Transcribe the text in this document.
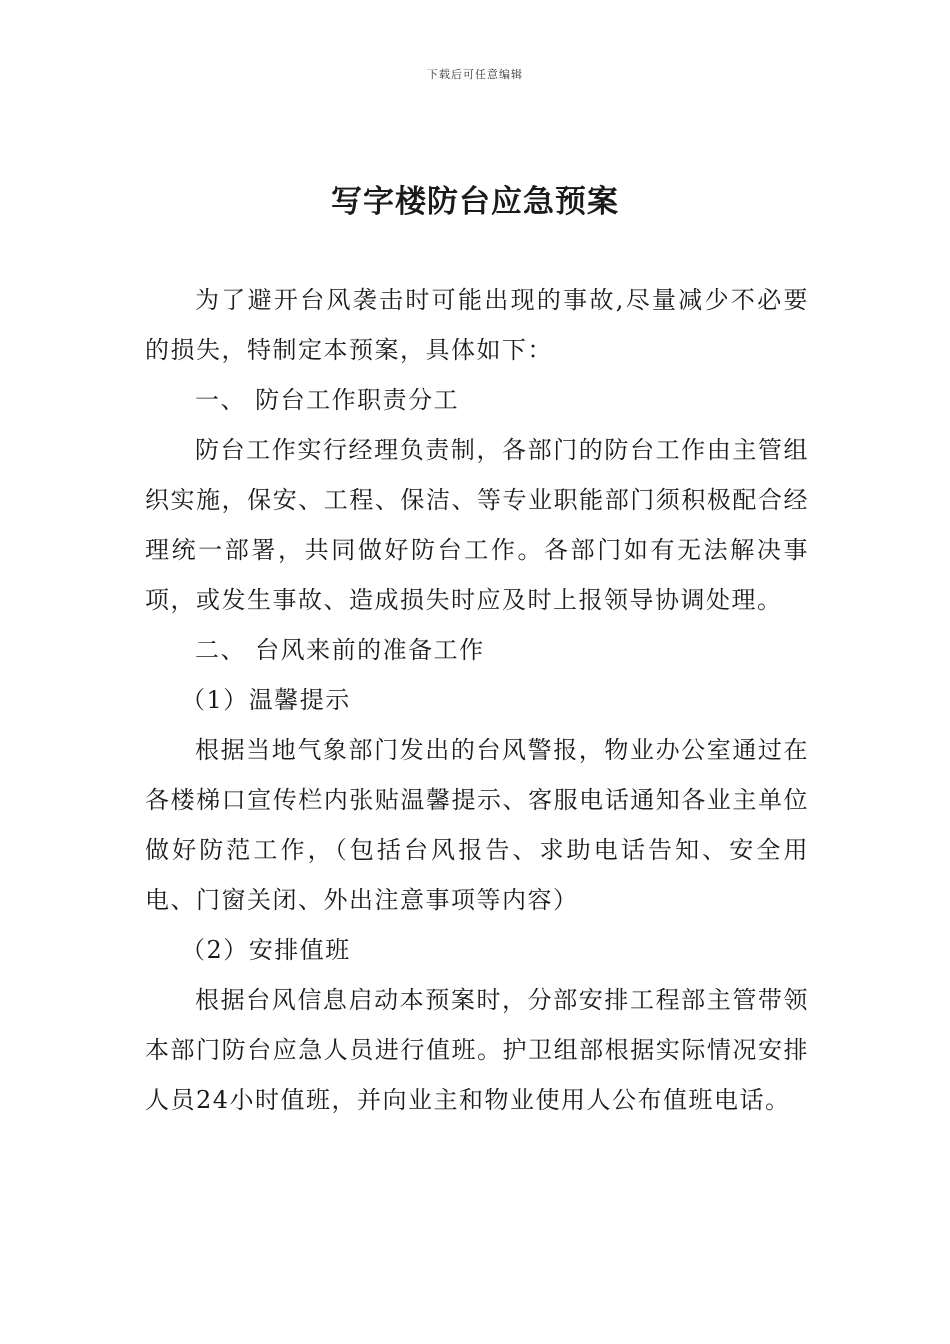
下载后可任意编辑
写字楼防台应急预案

为了避开台风袭击时可能出现的事故,尽量减少不必要的损失，特制定本预案，具体如下：

一、 防台工作职责分工

防台工作实行经理负责制，各部门的防台工作由主管组织实施，保安、工程、保洁、等专业职能部门须积极配合经理统一部署，共同做好防台工作。各部门如有无法解决事项，或发生事故、造成损失时应及时上报领导协调处理。

二、 台风来前的准备工作

（1）温馨提示

根据当地气象部门发出的台风警报，物业办公室通过在各楼梯口宣传栏内张贴温馨提示、客服电话通知各业主单位做好防范工作，（包括台风报告、求助电话告知、安全用电、门窗关闭、外出注意事项等内容）

（2）安排值班

根据台风信息启动本预案时，分部安排工程部主管带领本部门防台应急人员进行值班。护卫组部根据实际情况安排人员24小时值班，并向业主和物业使用人公布值班电话。
